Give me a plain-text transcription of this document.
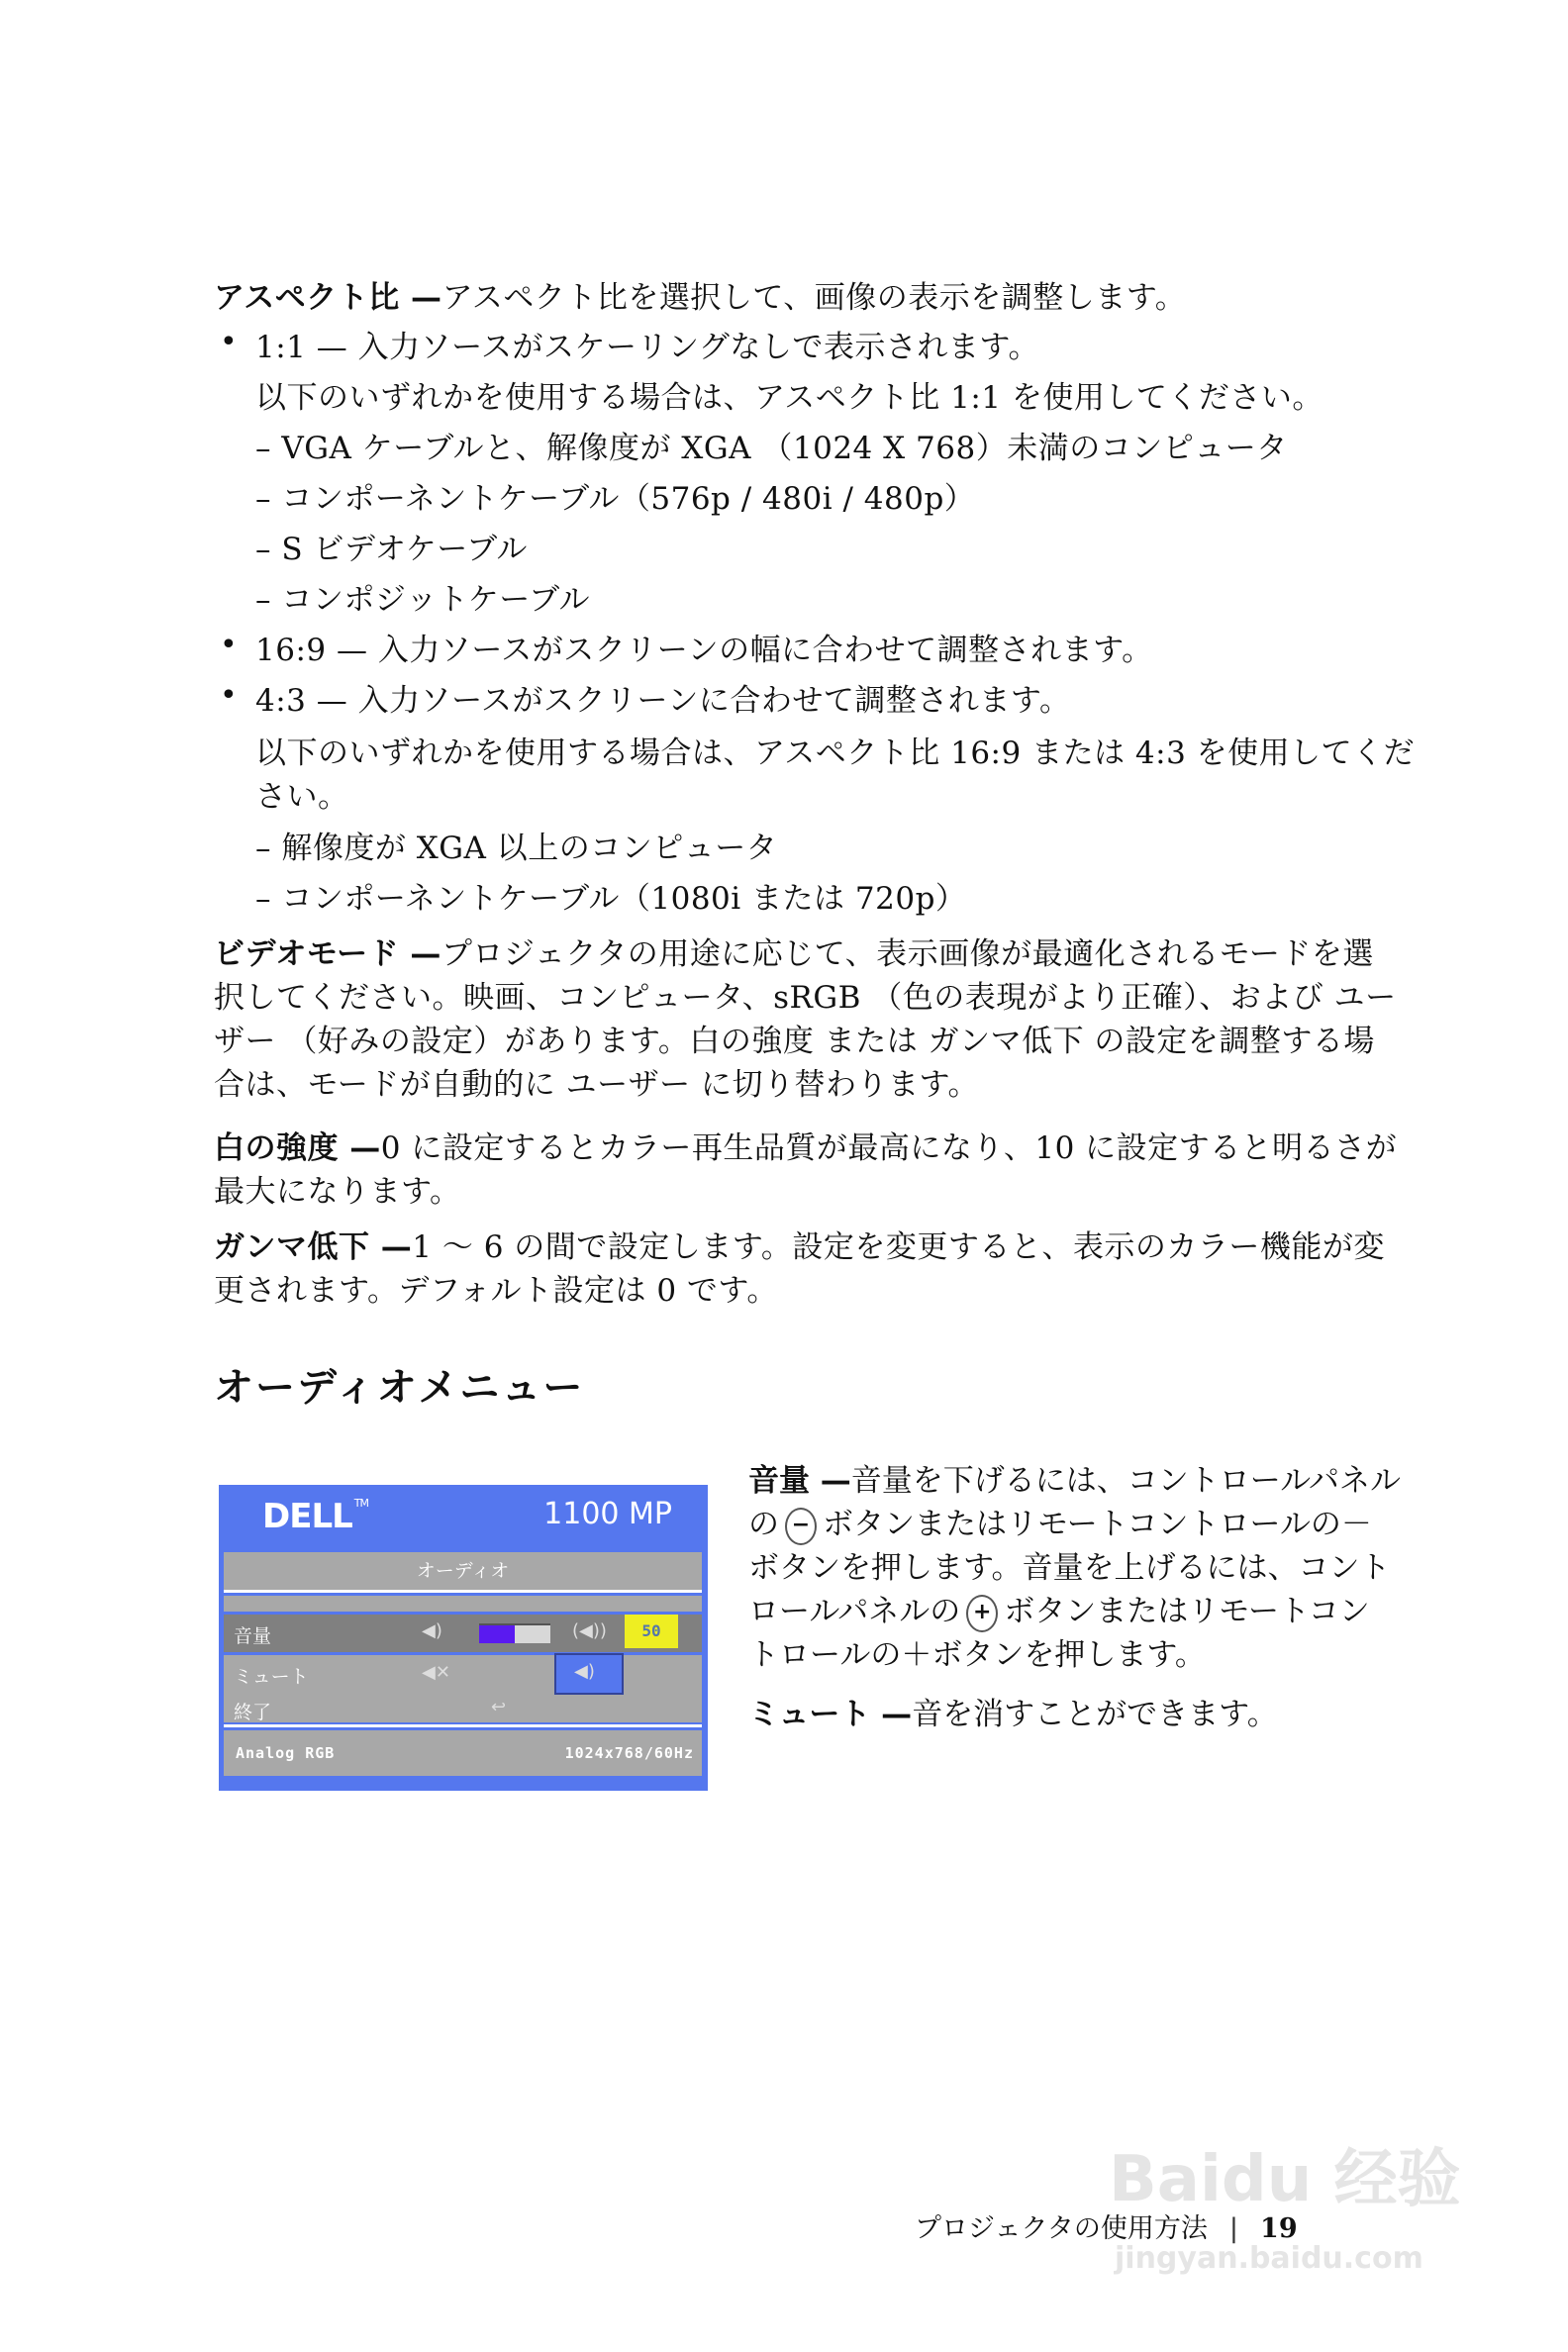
アスペクト比 —アスペクト比を選択して、画像の表示を調整します。
• 1:1 — 入力ソースがスケーリングなしで表示されます。
以下のいずれかを使用する場合は、アスペクト比 1:1 を使用してください。
– VGA ケーブルと、解像度が XGA （1024 X 768）未満のコンピュータ
– コンポーネントケーブル（576p / 480i / 480p）
– S ビデオケーブル
– コンポジットケーブル
• 16:9 — 入力ソースがスクリーンの幅に合わせて調整されます。
• 4:3 — 入力ソースがスクリーンに合わせて調整されます。
以下のいずれかを使用する場合は、アスペクト比 16:9 または 4:3 を使用してくだ
さい。
– 解像度が XGA 以上のコンピュータ
– コンポーネントケーブル（1080i または 720p）
ビデオモード —プロジェクタの用途に応じて、表示画像が最適化されるモードを選
択してください。映画、コンピュータ、sRGB （色の表現がより正確）、および ユー
ザー （好みの設定）があります。白の強度 または ガンマ低下 の設定を調整する場
合は、モードが自動的に ユーザー に切り替わります。
白の強度 —0 に設定するとカラー再生品質が最高になり、10 に設定すると明るさが
最大になります。
ガンマ低下 —1 ～ 6 の間で設定します。設定を変更すると、表示のカラー機能が変
更されます。デフォルト設定は 0 です。
オーディオメニュー
DELL ™	1100 MP
オーディオ
音量	◀)	(◀))	50
ミュート	◀✕	◀)
終了	↩
Analog RGB	1024x768/60Hz
音量 —音量を下げるには、コントロールパネル
の − ボタンまたはリモートコントロールの－
ボタンを押します。音量を上げるには、コント
ロールパネルの + ボタンまたはリモートコン
トロールの＋ボタンを押します。
ミュート —音を消すことができます。
Baidu 经验
jingyan.baidu.com
プロジェクタの使用方法 | 19
